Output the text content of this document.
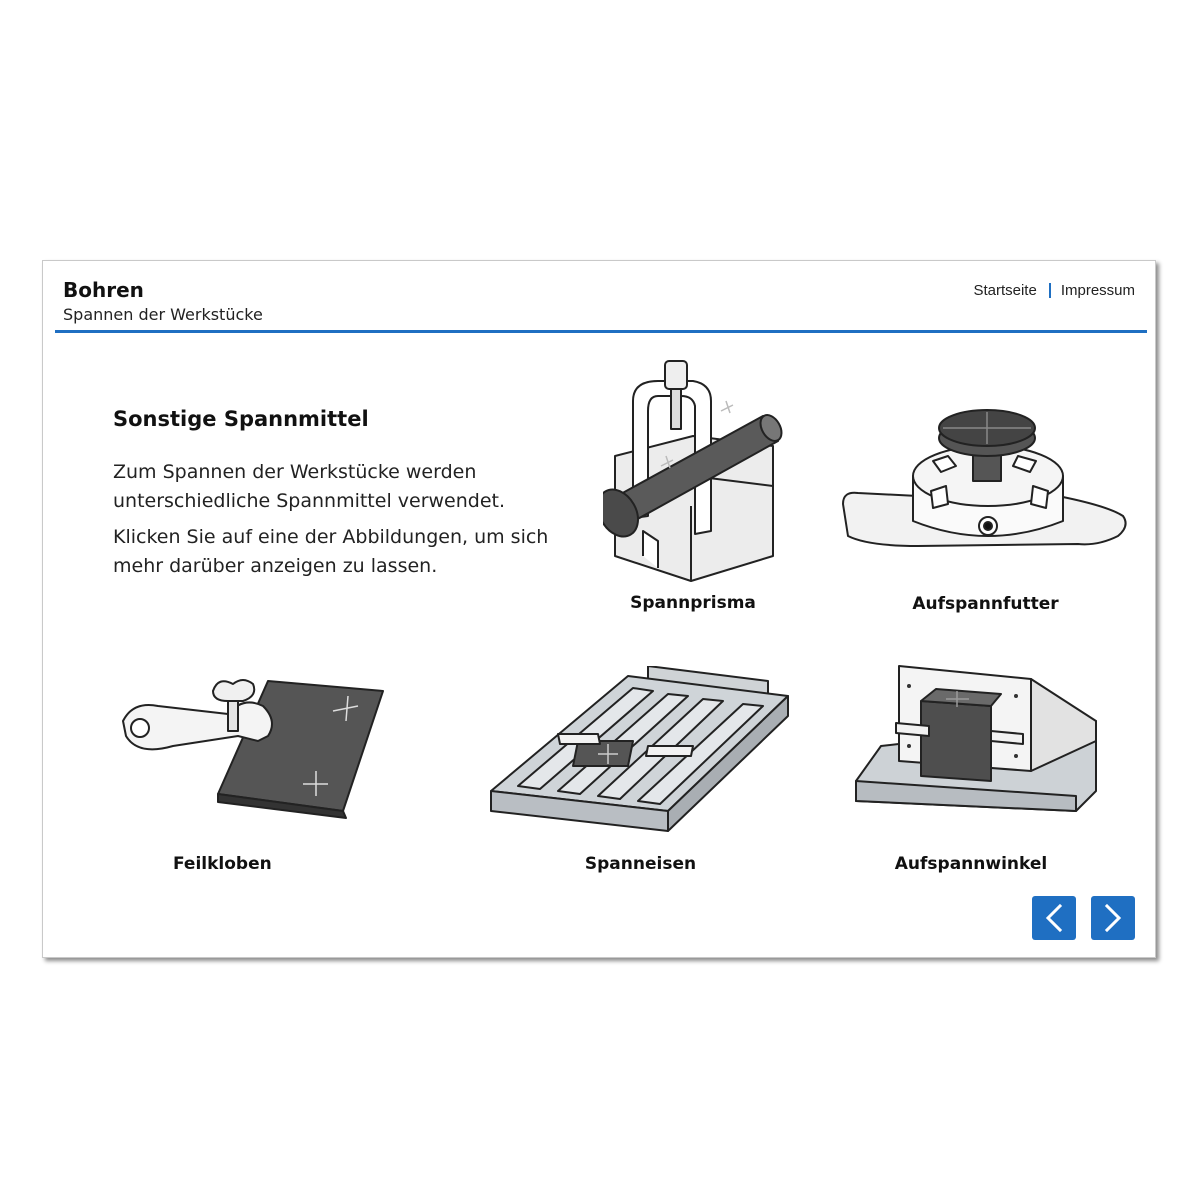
Bohren
Spannen der Werkstücke
Startseite Impressum
Sonstige Spannmittel
Zum Spannen der Werkstücke werden unterschiedliche Spannmittel verwendet.
Klicken Sie auf eine der Abbildungen, um sich mehr darüber anzeigen zu lassen.
Spannprisma	Aufspannfutter
Feilkloben	Spanneisen	Aufspannwinkel
